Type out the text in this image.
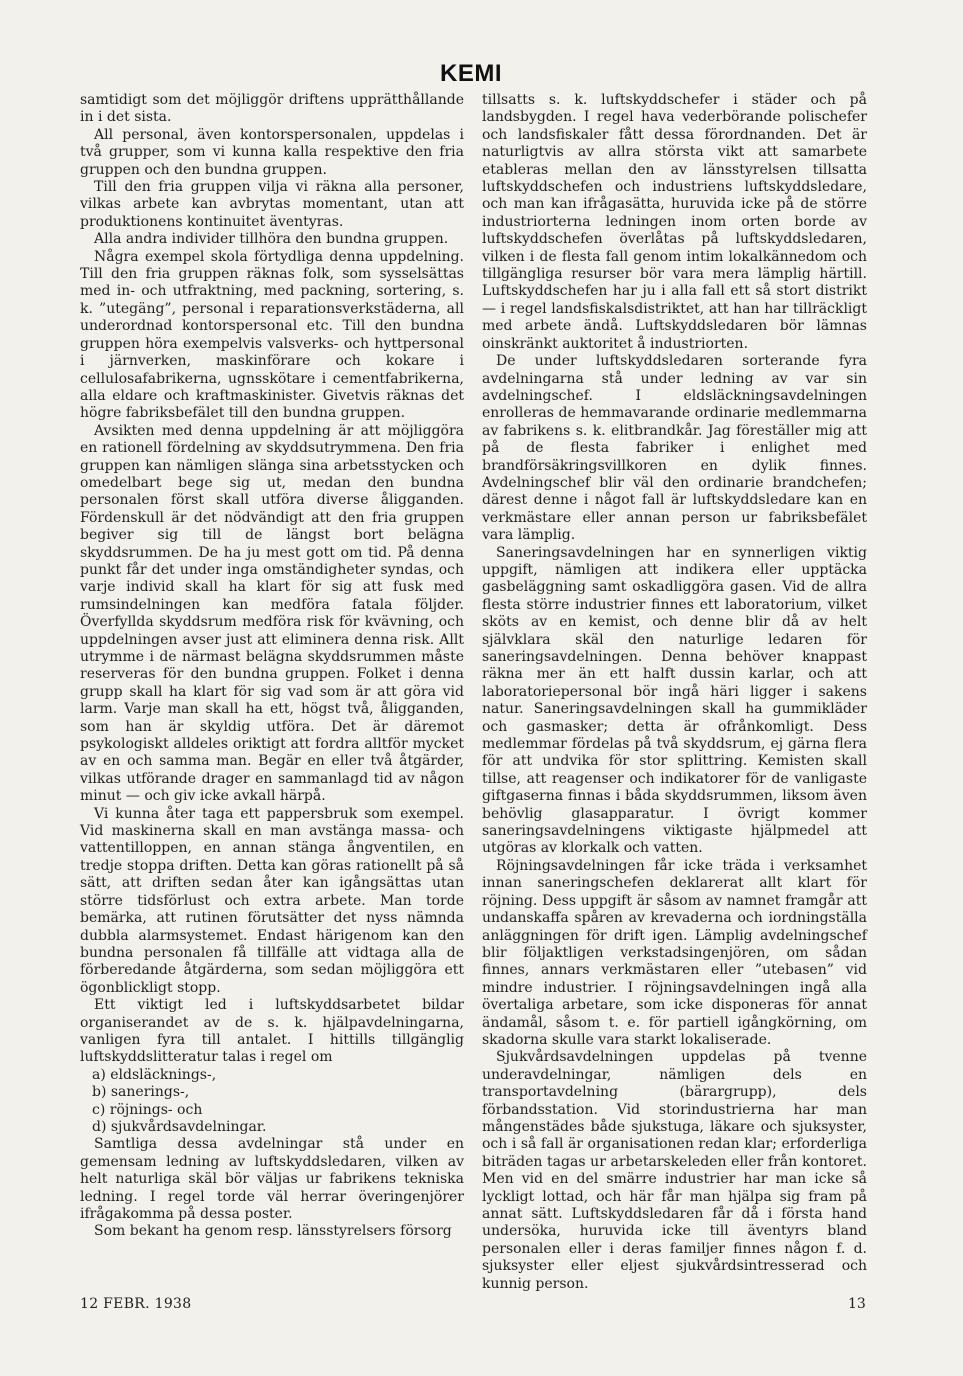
KEMI

samtidigt som det möjliggör driftens upprätthållande in i det sista.

All personal, även kontorspersonalen, uppdelas i två grupper, som vi kunna kalla respektive den fria gruppen och den bundna gruppen.

Till den fria gruppen vilja vi räkna alla personer, vilkas arbete kan avbrytas momentant, utan att produktionens kontinuitet äventyras.

Alla andra individer tillhöra den bundna gruppen.

Några exempel skola förtydliga denna uppdelning. Till den fria gruppen räknas folk, som sysselsättas med in- och utfraktning, med packning, sortering, s. k. ”utegäng”, personal i reparationsverkstäderna, all underordnad kontorspersonal etc. Till den bundna gruppen höra exempelvis valsverks- och hyttpersonal i järnverken, maskinförare och kokare i cellulosafabrikerna, ugnsskötare i cementfabrikerna, alla eldare och kraftmaskinister. Givetvis räknas det högre fabriksbefälet till den bundna gruppen.

Avsikten med denna uppdelning är att möjliggöra en rationell fördelning av skyddsutrymmena. Den fria gruppen kan nämligen slänga sina arbetsstycken och omedelbart bege sig ut, medan den bundna personalen först skall utföra diverse åligganden. Fördenskull är det nödvändigt att den fria gruppen begiver sig till de längst bort belägna skyddsrummen. De ha ju mest gott om tid. På denna punkt får det under inga omständigheter syndas, och varje individ skall ha klart för sig att fusk med rumsindelningen kan medföra fatala följder. Överfyllda skyddsrum medföra risk för kvävning, och uppdelningen avser just att eliminera denna risk. Allt utrymme i de närmast belägna skyddsrummen måste reserveras för den bundna gruppen. Folket i denna grupp skall ha klart för sig vad som är att göra vid larm. Varje man skall ha ett, högst två, åligganden, som han är skyldig utföra. Det är däremot psykologiskt alldeles oriktigt att fordra alltför mycket av en och samma man. Begär en eller två åtgärder, vilkas utförande drager en sammanlagd tid av någon minut — och giv icke avkall härpå.

Vi kunna åter taga ett pappersbruk som exempel. Vid maskinerna skall en man avstänga massa- och vattentilloppen, en annan stänga ångventilen, en tredje stoppa driften. Detta kan göras rationellt på så sätt, att driften sedan åter kan igångsättas utan större tidsförlust och extra arbete. Man torde bemärka, att rutinen förutsätter det nyss nämnda dubbla alarmsystemet. Endast härigenom kan den bundna personalen få tillfälle att vidtaga alla de förberedande åtgärderna, som sedan möjliggöra ett ögonblickligt stopp.

Ett viktigt led i luftskyddsarbetet bildar organiserandet av de s. k. hjälpavdelningarna, vanligen fyra till antalet. I hittills tillgänglig luftskyddslitteratur talas i regel om

a) eldsläcknings-,

b) sanerings-,

c) röjnings- och

d) sjukvårdsavdelningar.

Samtliga dessa avdelningar stå under en gemensam ledning av luftskyddsledaren, vilken av helt naturliga skäl bör väljas ur fabrikens tekniska ledning. I regel torde väl herrar överingenjörer ifrågakomma på dessa poster.

Som bekant ha genom resp. länsstyrelsers försorg

tillsatts s. k. luftskyddschefer i städer och på landsbygden. I regel hava vederbörande polischefer och landsfiskaler fått dessa förordnanden. Det är naturligtvis av allra största vikt att samarbete etableras mellan den av länsstyrelsen tillsatta luftskyddschefen och industriens luftskyddsledare, och man kan ifrågasätta, huruvida icke på de större industriorterna ledningen inom orten borde av luftskyddschefen överlåtas på luftskyddsledaren, vilken i de flesta fall genom intim lokalkännedom och tillgängliga resurser bör vara mera lämplig härtill. Luftskyddschefen har ju i alla fall ett så stort distrikt — i regel landsfiskalsdistriktet, att han har tillräckligt med arbete ändå. Luftskyddsledaren bör lämnas oinskränkt auktoritet å industriorten.

De under luftskyddsledaren sorterande fyra avdelningarna stå under ledning av var sin avdelningschef. I eldsläckningsavdelningen enrolleras de hemmavarande ordinarie medlemmarna av fabrikens s. k. elitbrandkår. Jag föreställer mig att på de flesta fabriker i enlighet med brandförsäkringsvillkoren en dylik finnes. Avdelningschef blir väl den ordinarie brandchefen; därest denne i något fall är luftskyddsledare kan en verkmästare eller annan person ur fabriksbefälet vara lämplig.

Saneringsavdelningen har en synnerligen viktig uppgift, nämligen att indikera eller upptäcka gasbeläggning samt oskadliggöra gasen. Vid de allra flesta större industrier finnes ett laboratorium, vilket sköts av en kemist, och denne blir då av helt självklara skäl den naturlige ledaren för saneringsavdelningen. Denna behöver knappast räkna mer än ett halft dussin karlar, och att laboratoriepersonal bör ingå häri ligger i sakens natur. Saneringsavdelningen skall ha gummikläder och gasmasker; detta är ofrånkomligt. Dess medlemmar fördelas på två skyddsrum, ej gärna flera för att undvika för stor splittring. Kemisten skall tillse, att reagenser och indikatorer för de vanligaste giftgaserna finnas i båda skyddsrummen, liksom även behövlig glasapparatur. I övrigt kommer saneringsavdelningens viktigaste hjälpmedel att utgöras av klorkalk och vatten.

Röjningsavdelningen får icke träda i verksamhet innan saneringschefen deklarerat allt klart för röjning. Dess uppgift är såsom av namnet framgår att undanskaffa spåren av krevaderna och iordningställa anläggningen för drift igen. Lämplig avdelningschef blir följaktligen verkstadsingenjören, om sådan finnes, annars verkmästaren eller ”utebasen” vid mindre industrier. I röjningsavdelningen ingå alla övertaliga arbetare, som icke disponeras för annat ändamål, såsom t. e. för partiell igångkörning, om skadorna skulle vara starkt lokaliserade.

Sjukvårdsavdelningen uppdelas på tvenne underavdelningar, nämligen dels en transportavdelning (bärargrupp), dels förbandsstation. Vid storindustrierna har man mångenstädes både sjukstuga, läkare och sjuksyster, och i så fall är organisationen redan klar; erforderliga biträden tagas ur arbetarskeleden eller från kontoret. Men vid en del smärre industrier har man icke så lyckligt lottad, och här får man hjälpa sig fram på annat sätt. Luftskyddsledaren får då i första hand undersöka, huruvida icke till äventyrs bland personalen eller i deras familjer finnes någon f. d. sjuksyster eller eljest sjukvårdsintresserad och kunnig person.

12 FEBR. 1938	13
